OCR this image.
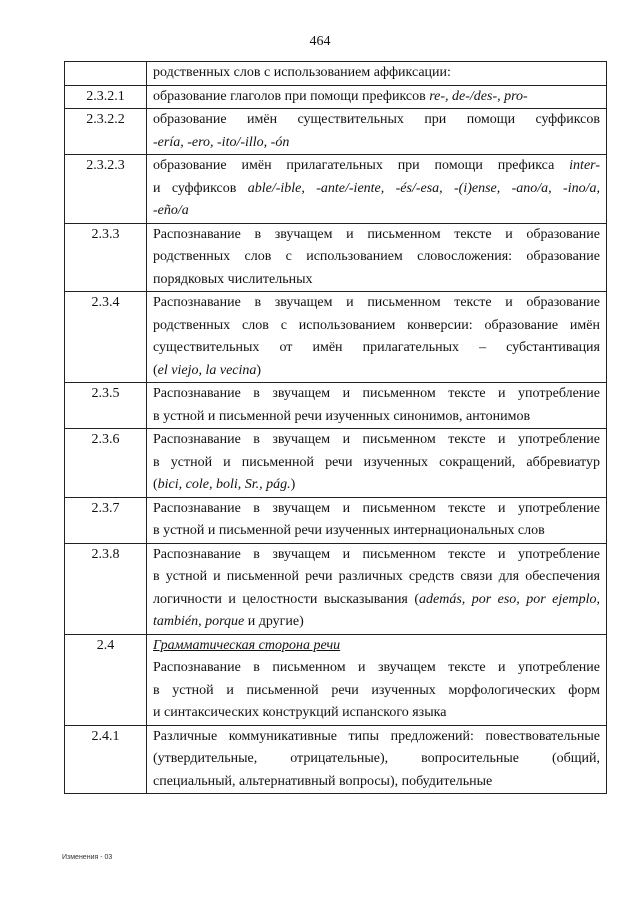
464

	родственных слов с использованием аффиксации:

2.3.2.1	образование глаголов при помощи префиксов re-, de-/des-, pro-

2.3.2.2	образование имён существительных при помощи суффиксов
-ería, -ero, -ito/-illo, -ón

2.3.2.3	образование имён прилагательных при помощи префикса inter-
и суффиксов able/-ible, -ante/-iente, -és/-esa, -(i)ense, -ano/a, -ino/a,
-eño/a

2.3.3	Распознавание в звучащем и письменном тексте и образование
родственных слов с использованием словосложения: образование
порядковых числительных

2.3.4	Распознавание в звучащем и письменном тексте и образование
родственных слов с использованием конверсии: образование имён
существительных от имён прилагательных – субстантивация
(el viejo, la vecina)

2.3.5	Распознавание в звучащем и письменном тексте и употребление
в устной и письменной речи изученных синонимов, антонимов

2.3.6	Распознавание в звучащем и письменном тексте и употребление
в устной и письменной речи изученных сокращений, аббревиатур
(bici, cole, boli, Sr., pág.)

2.3.7	Распознавание в звучащем и письменном тексте и употребление
в устной и письменной речи изученных интернациональных слов

2.3.8	Распознавание в звучащем и письменном тексте и употребление
в устной и письменной речи различных средств связи для обеспечения
логичности и целостности высказывания (además, por eso, por ejemplo,
también, porque и другие)

2.4	Грамматическая сторона речи
Распознавание в письменном и звучащем тексте и употребление
в устной и письменной речи изученных морфологических форм
и синтаксических конструкций испанского языка

2.4.1	Различные коммуникативные типы предложений: повествовательные
(утвердительные, отрицательные), вопросительные (общий,
специальный, альтернативный вопросы), побудительные
Изменения - 03
